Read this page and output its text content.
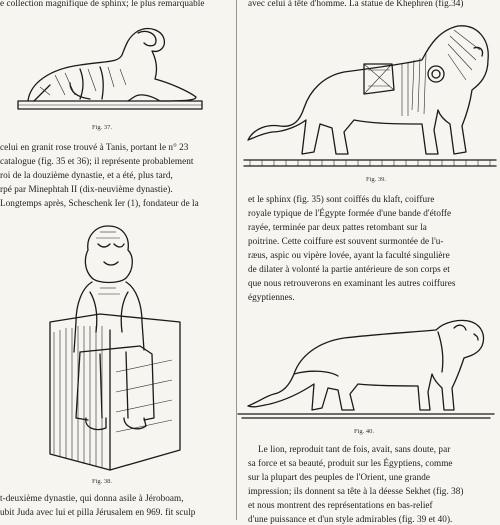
e collection magnifique de sphinx; le plus remarquable
Fig. 37.
celui en granit rose trouvé à Tanis, portant le n° 23
catalogue (fig. 35 et 36); il représente probablement
roi de la douzième dynastie, et a été, plus tard,
rpé par Minephtah II (dix-neuvième dynastie).
Longtemps après, Scheschenk Ier (1), fondateur de la
Fig. 38.
t-deuxième dynastie, qui donna asile à Jéroboam,
ubit Juda avec lui et pilla Jérusalem en 969. fit sculp
avec celui à tête d'homme. La statue de Khephren (fig.34)
Fig. 39.
et le sphinx (fig. 35) sont coiffés du klaft, coiffure
royale typique de l'Égypte formée d'une bande d'étoffe
rayée, terminée par deux pattes retombant sur la
poitrine. Cette coiffure est souvent surmontée de l'u-
ræus, aspic ou vipère lovée, ayant la faculté singulière
de dilater à volonté la partie antérieure de son corps et
que nous retrouverons en examinant les autres coiffures
égyptiennes.
Fig. 40.
Le lion, reproduit tant de fois, avait, sans doute, par
sa force et sa beauté, produit sur les Égyptiens, comme
sur la plupart des peuples de l'Orient, une grande
impression; ils donnent sa tête à la déesse Sekhet (fig. 38)
et nous montrent des représentations en bas-relief
d'une puissance et d'un style admirables (fig. 39 et 40).
